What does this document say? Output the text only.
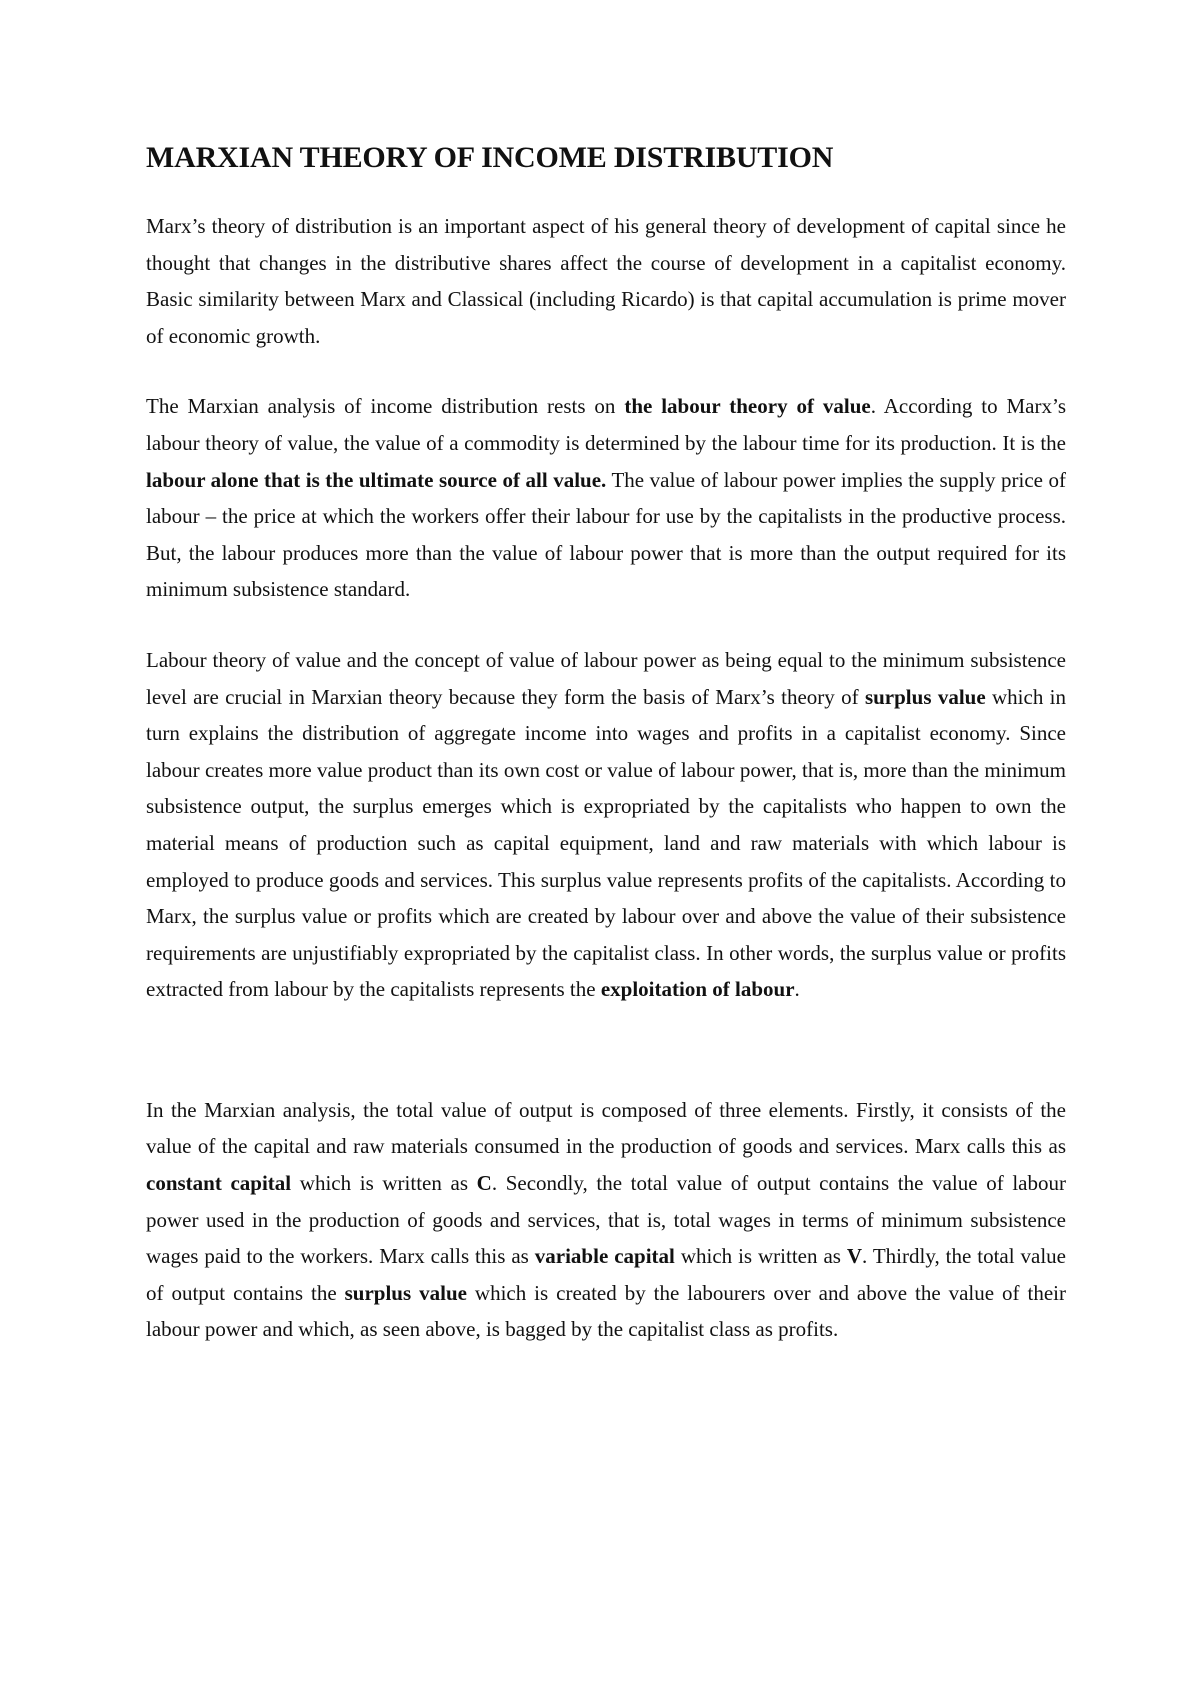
MARXIAN THEORY OF INCOME DISTRIBUTION

Marx’s theory of distribution is an important aspect of his general theory of development of capital since he thought that changes in the distributive shares affect the course of development in a capitalist economy. Basic similarity between Marx and Classical (including Ricardo) is that capital accumulation is prime mover of economic growth.

The Marxian analysis of income distribution rests on the labour theory of value. According to Marx’s labour theory of value, the value of a commodity is determined by the labour time for its production. It is the labour alone that is the ultimate source of all value. The value of labour power implies the supply price of labour – the price at which the workers offer their labour for use by the capitalists in the productive process. But, the labour produces more than the value of labour power that is more than the output required for its minimum subsistence standard.

Labour theory of value and the concept of value of labour power as being equal to the minimum subsistence level are crucial in Marxian theory because they form the basis of Marx’s theory of surplus value which in turn explains the distribution of aggregate income into wages and profits in a capitalist economy. Since labour creates more value product than its own cost or value of labour power, that is, more than the minimum subsistence output, the surplus emerges which is expropriated by the capitalists who happen to own the material means of production such as capital equipment, land and raw materials with which labour is employed to produce goods and services. This surplus value represents profits of the capitalists. According to Marx, the surplus value or profits which are created by labour over and above the value of their subsistence requirements are unjustifiably expropriated by the capitalist class. In other words, the surplus value or profits extracted from labour by the capitalists represents the exploitation of labour.

In the Marxian analysis, the total value of output is composed of three elements. Firstly, it consists of the value of the capital and raw materials consumed in the production of goods and services. Marx calls this as constant capital which is written as C. Secondly, the total value of output contains the value of labour power used in the production of goods and services, that is, total wages in terms of minimum subsistence wages paid to the workers. Marx calls this as variable capital which is written as V. Thirdly, the total value of output contains the surplus value which is created by the labourers over and above the value of their labour power and which, as seen above, is bagged by the capitalist class as profits.
